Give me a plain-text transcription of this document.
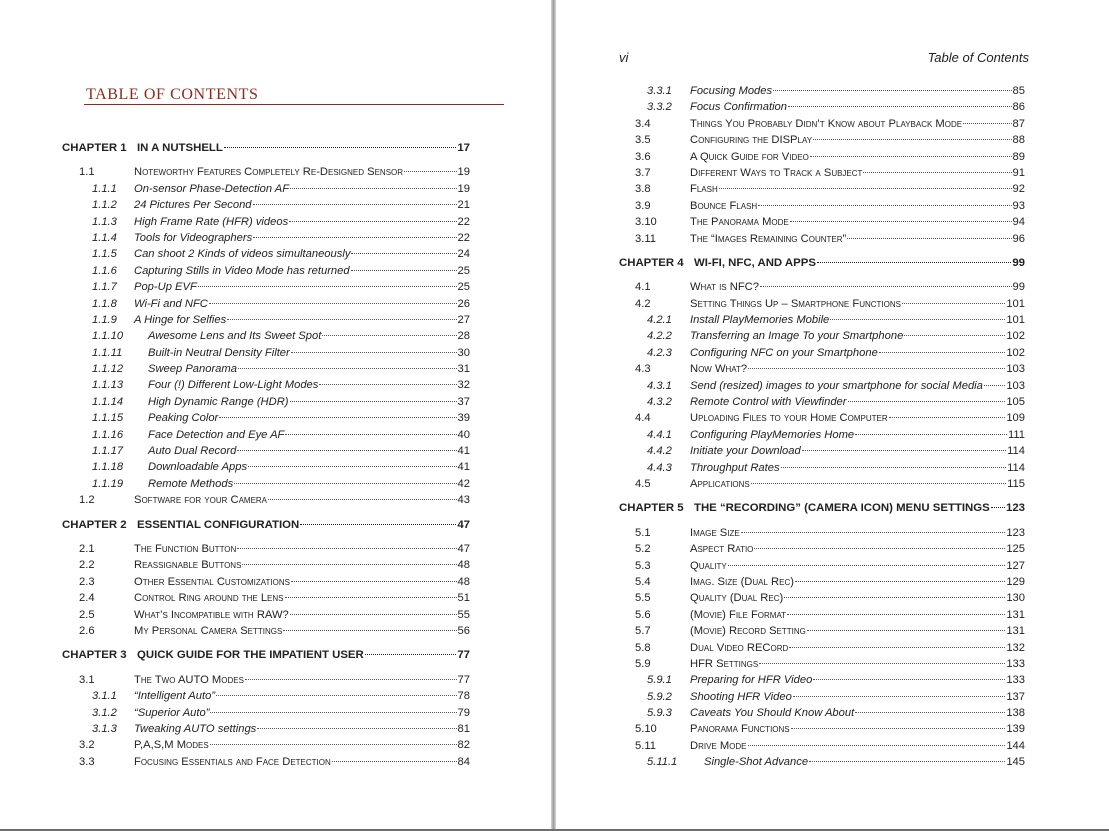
TABLE OF CONTENTS
CHAPTER 1 IN A NUTSHELL	17
1.1	Noteworthy Features Completely Re-Designed Sensor	19
1.1.1	On-sensor Phase-Detection AF	19
1.1.2	24 Pictures Per Second	21
1.1.3	High Frame Rate (HFR) videos	22
1.1.4	Tools for Videographers	22
1.1.5	Can shoot 2 Kinds of videos simultaneously	24
1.1.6	Capturing Stills in Video Mode has returned	25
1.1.7	Pop-Up EVF	25
1.1.8	Wi-Fi and NFC	26
1.1.9	A Hinge for Selfies	27
1.1.10	Awesome Lens and Its Sweet Spot	28
1.1.11	Built-in Neutral Density Filter	30
1.1.12	Sweep Panorama	31
1.1.13	Four (!) Different Low-Light Modes	32
1.1.14	High Dynamic Range (HDR)	37
1.1.15	Peaking Color	39
1.1.16	Face Detection and Eye AF	40
1.1.17	Auto Dual Record	41
1.1.18	Downloadable Apps	41
1.1.19	Remote Methods	42
1.2	Software for your Camera	43
CHAPTER 2 ESSENTIAL CONFIGURATION	47
2.1	The Function Button	47
2.2	Reassignable Buttons	48
2.3	Other Essential Customizations	48
2.4	Control Ring around the Lens	51
2.5	What’s Incompatible with RAW?	55
2.6	My Personal Camera Settings	56
CHAPTER 3 QUICK GUIDE FOR THE IMPATIENT USER	77
3.1	The Two AUTO Modes	77
3.1.1	“Intelligent Auto”	78
3.1.2	“Superior Auto”	79
3.1.3	Tweaking AUTO settings	81
3.2	P,A,S,M Modes	82
3.3	Focusing Essentials and Face Detection	84
vi	Table of Contents
3.3.1	Focusing Modes	85
3.3.2	Focus Confirmation	86
3.4	Things You Probably Didn’t Know about Playback Mode	87
3.5	Configuring the DISPlay	88
3.6	A Quick Guide for Video	89
3.7	Different Ways to Track a Subject	91
3.8	Flash	92
3.9	Bounce Flash	93
3.10	The Panorama Mode	94
3.11	The “Images Remaining Counter”	96
CHAPTER 4 WI-FI, NFC, AND APPS	99
4.1	What is NFC?	99
4.2	Setting Things Up – Smartphone Functions	101
4.2.1	Install PlayMemories Mobile	101
4.2.2	Transferring an Image To your Smartphone	102
4.2.3	Configuring NFC on your Smartphone	102
4.3	Now What?	103
4.3.1	Send (resized) images to your smartphone for social Media 103
4.3.2	Remote Control with Viewfinder	105
4.4	Uploading Files to your Home Computer	109
4.4.1	Configuring PlayMemories Home	111
4.4.2	Initiate your Download	114
4.4.3	Throughput Rates	114
4.5	Applications	115
CHAPTER 5 THE “RECORDING” (CAMERA ICON) MENU SETTINGS 123
5.1	Image Size	123
5.2	Aspect Ratio	125
5.3	Quality	127
5.4	Imag. Size (Dual Rec)	129
5.5	Quality (Dual Rec)	130
5.6	(Movie) File Format	131
5.7	(Movie) Record Setting	131
5.8	Dual Video RECord	132
5.9	HFR Settings	133
5.9.1	Preparing for HFR Video	133
5.9.2	Shooting HFR Video	137
5.9.3	Caveats You Should Know About	138
5.10	Panorama Functions	139
5.11	Drive Mode	144
5.11.1	Single-Shot Advance	145
